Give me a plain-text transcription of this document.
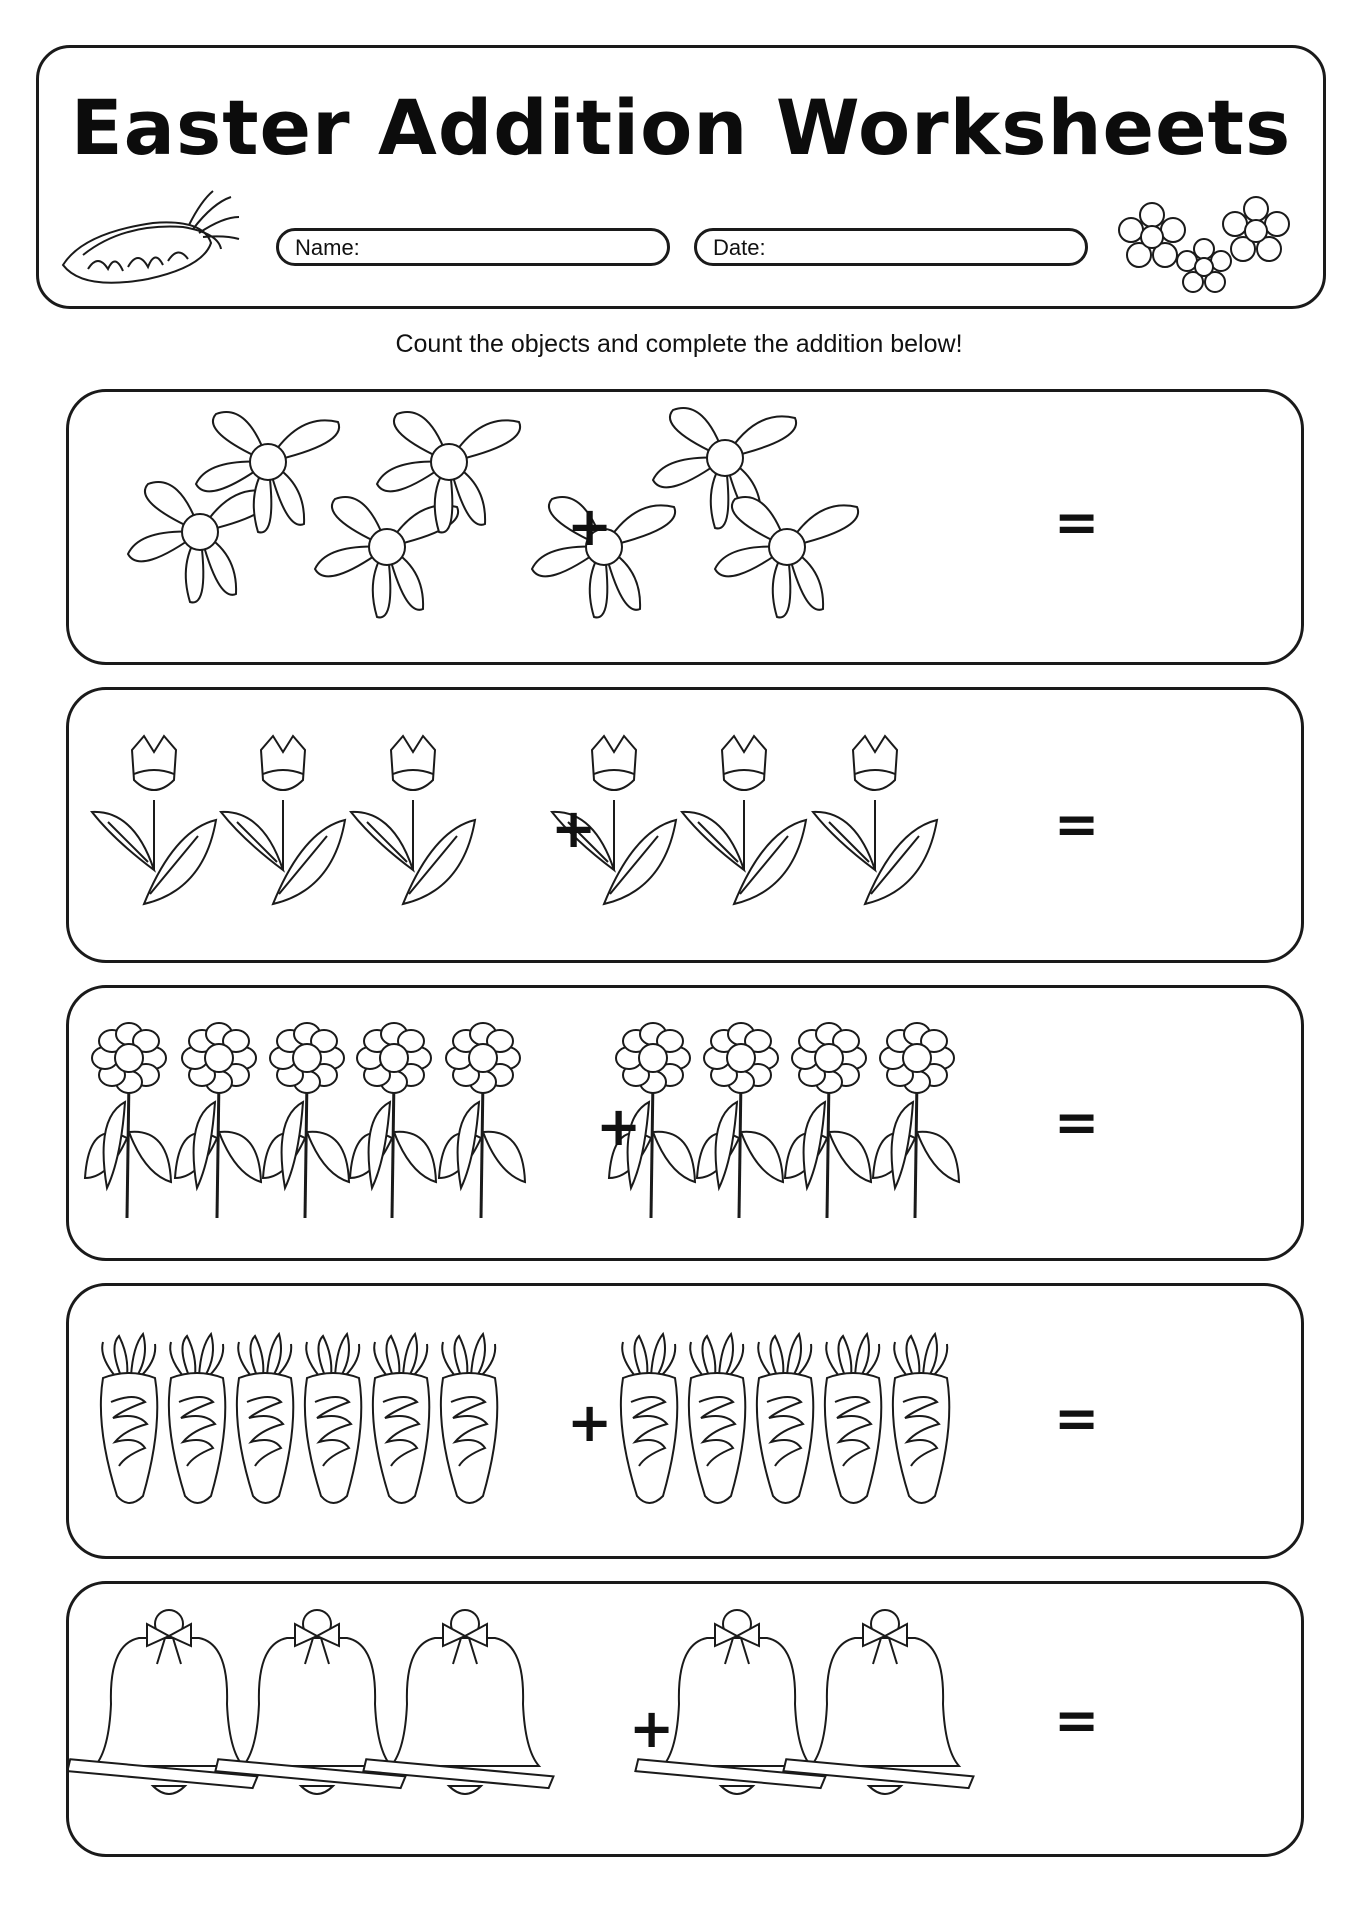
Easter Addition Worksheets
Name:	Date:
Count the objects and complete the addition below!
+	=
+	=
+	=
+	=
+	=
